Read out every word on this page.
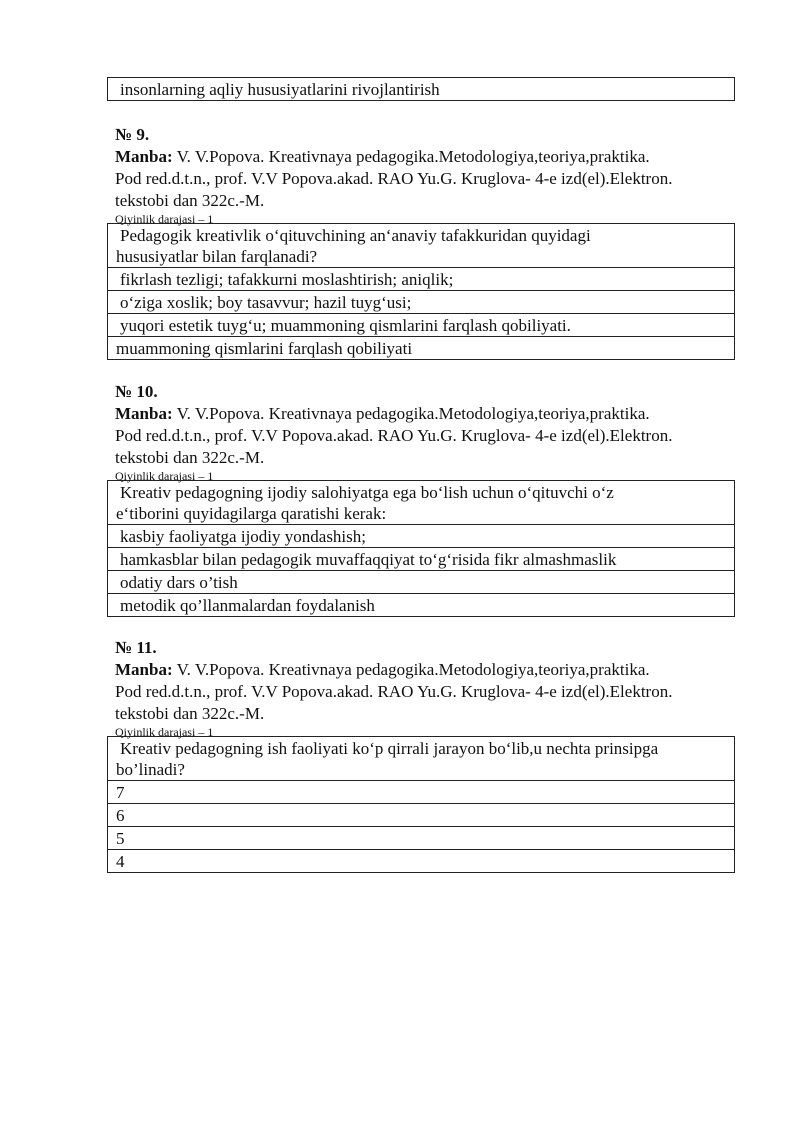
insonlarning aqliy hususiyatlarini rivojlantirish

№ 9.

Manba: V. V.Popova. Kreativnaya pedagogika.Metodologiya,teoriya,praktika.

Pod red.d.t.n., prof. V.V Popova.akad. RAO Yu.G. Kruglova- 4-e izd(el).Elektron.

tekstobi dan 322c.-M.

Qiyinlik darajasi – 1

Pedagogik kreativlik o‘qituvchining an‘anaviy tafakkuridan quyidagi
hususiyatlar bilan farqlanadi?

fikrlash tezligi; tafakkurni moslashtirish; aniqlik;
o‘ziga xoslik; boy tasavvur; hazil tuyg‘usi;
yuqori estetik tuyg‘u; muammoning qismlarini farqlash qobiliyati.
muammoning qismlarini farqlash qobiliyati

№ 10.

Manba: V. V.Popova. Kreativnaya pedagogika.Metodologiya,teoriya,praktika.

Pod red.d.t.n., prof. V.V Popova.akad. RAO Yu.G. Kruglova- 4-e izd(el).Elektron.

tekstobi dan 322c.-M.

Qiyinlik darajasi – 1

Kreativ pedagogning ijodiy salohiyatga ega bo‘lish uchun o‘qituvchi o‘z
e‘tiborini quyidagilarga qaratishi kerak:

kasbiy faoliyatga ijodiy yondashish;
hamkasblar bilan pedagogik muvaffaqqiyat to‘g‘risida fikr almashmaslik
odatiy dars o’tish
metodik qo’llanmalardan foydalanish

№ 11.

Manba: V. V.Popova. Kreativnaya pedagogika.Metodologiya,teoriya,praktika.

Pod red.d.t.n., prof. V.V Popova.akad. RAO Yu.G. Kruglova- 4-e izd(el).Elektron.

tekstobi dan 322c.-M.

Qiyinlik darajasi – 1

Kreativ pedagogning ish faoliyati ko‘p qirrali jarayon bo‘lib,u nechta prinsipga
bo’linadi?

7
6
5
4
